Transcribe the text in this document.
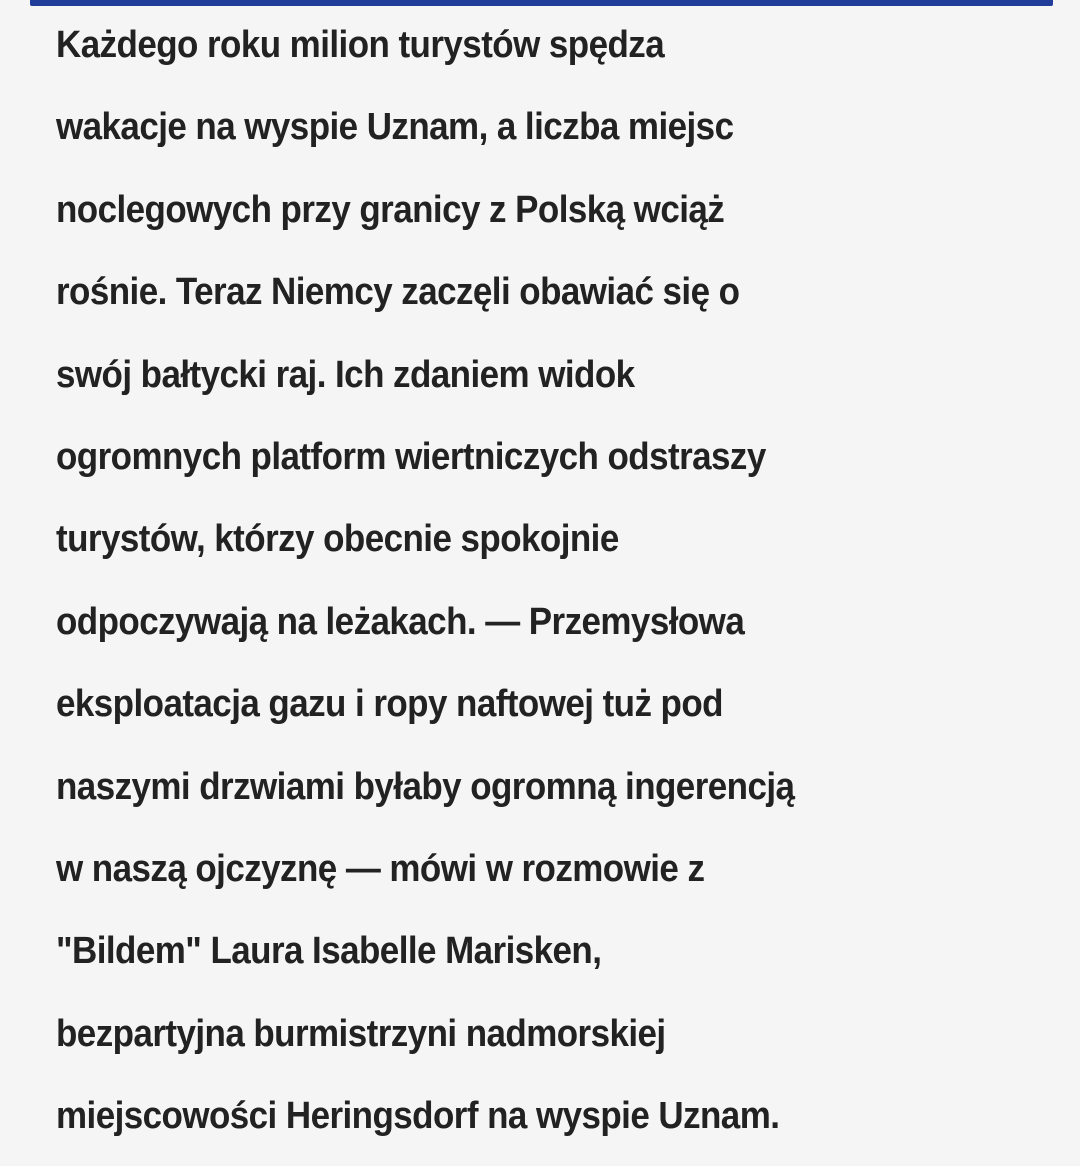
Każdego roku milion turystów spędza
wakacje na wyspie Uznam, a liczba miejsc
noclegowych przy granicy z Polską wciąż
rośnie. Teraz Niemcy zaczęli obawiać się o
swój bałtycki raj. Ich zdaniem widok
ogromnych platform wiertniczych odstraszy
turystów, którzy obecnie spokojnie
odpoczywają na leżakach. — Przemysłowa
eksploatacja gazu i ropy naftowej tuż pod
naszymi drzwiami byłaby ogromną ingerencją
w naszą ojczyznę — mówi w rozmowie z
"Bildem" Laura Isabelle Marisken,
bezpartyjna burmistrzyni nadmorskiej
miejscowości Heringsdorf na wyspie Uznam.
